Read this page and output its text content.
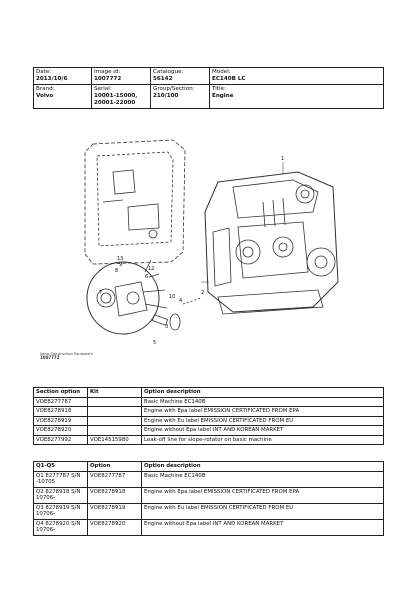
Date:
2013/10/6	Image id:
1007772	Catalogue:
56142	Model:
EC140B LC

Brand:
Volvo	Serial:
10001-15000,
20001-22000	Group/Section:
210/100	Title:
Engine
1
2
3
4
5
6
7
8
9
10
12
13
Volvo Construction Equipment
1007772
Section option	Kit	Option description
VOE8277787		Basic Machine EC140B
VOE8278918		Engine with Epa label EMISSION CERTIFICATED FROM EPA
VOE8278919		Engine with Eu label EMISSION CERTIFICATED FROM EU
VOE8278920		Engine without Epa label INT AND KOREAN MARKET
VOE8277992	VOE14515980	Leak-off line for slope-rotator on basic machine
Q1-Q5	Option	Option description
Q1 8277787 S/N -10705	VOE8277787	Basic Machine EC140B
Q2 8278918 S/N 10706-	VOE8278918	Engine with Epa label EMISSION CERTIFICATED FROM EPA
Q3 8278919 S/N 10706-	VOE8278919	Engine with Eu label EMISSION CERTIFICATED FROM EU
Q4 8278920 S/N 10706-	VOE8278920	Engine without Epa label INT AND KOREAN MARKET
